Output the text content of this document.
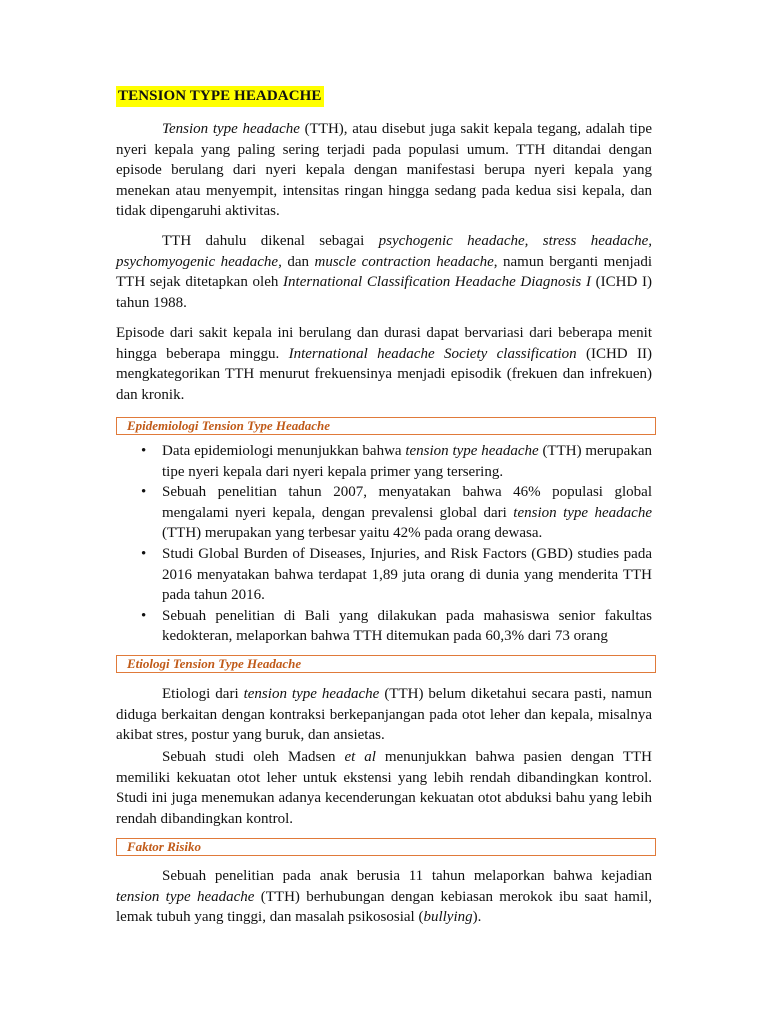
TENSION TYPE HEADACHE

Tension type headache (TTH), atau disebut juga sakit kepala tegang, adalah tipe nyeri kepala yang paling sering terjadi pada populasi umum. TTH ditandai dengan episode berulang dari nyeri kepala dengan manifestasi berupa nyeri kepala yang menekan atau menyempit, intensitas ringan hingga sedang pada kedua sisi kepala, dan tidak dipengaruhi aktivitas.

TTH dahulu dikenal sebagai psychogenic headache, stress headache, psychomyogenic headache, dan muscle contraction headache, namun berganti menjadi TTH sejak ditetapkan oleh International Classification Headache Diagnosis I (ICHD I) tahun 1988.

Episode dari sakit kepala ini berulang dan durasi dapat bervariasi dari beberapa menit hingga beberapa minggu. International headache Society classification (ICHD II) mengkategorikan TTH menurut frekuensinya menjadi episodik (frekuen dan infrekuen) dan kronik.

Epidemiologi Tension Type Headache
• Data epidemiologi menunjukkan bahwa tension type headache (TTH) merupakan tipe nyeri kepala dari nyeri kepala primer yang tersering.
• Sebuah penelitian tahun 2007, menyatakan bahwa 46% populasi global mengalami nyeri kepala, dengan prevalensi global dari tension type headache (TTH) merupakan yang terbesar yaitu 42% pada orang dewasa.
• Studi Global Burden of Diseases, Injuries, and Risk Factors (GBD) studies pada 2016 menyatakan bahwa terdapat 1,89 juta orang di dunia yang menderita TTH pada tahun 2016.
• Sebuah penelitian di Bali yang dilakukan pada mahasiswa senior fakultas kedokteran, melaporkan bahwa TTH ditemukan pada 60,3% dari 73 orang
Etiologi Tension Type Headache

Etiologi dari tension type headache (TTH) belum diketahui secara pasti, namun diduga berkaitan dengan kontraksi berkepanjangan pada otot leher dan kepala, misalnya akibat stres, postur yang buruk, dan ansietas.

Sebuah studi oleh Madsen et al menunjukkan bahwa pasien dengan TTH memiliki kekuatan otot leher untuk ekstensi yang lebih rendah dibandingkan kontrol. Studi ini juga menemukan adanya kecenderungan kekuatan otot abduksi bahu yang lebih rendah dibandingkan kontrol.

Faktor Risiko

Sebuah penelitian pada anak berusia 11 tahun melaporkan bahwa kejadian tension type headache (TTH) berhubungan dengan kebiasan merokok ibu saat hamil, lemak tubuh yang tinggi, dan masalah psikososial (bullying).
